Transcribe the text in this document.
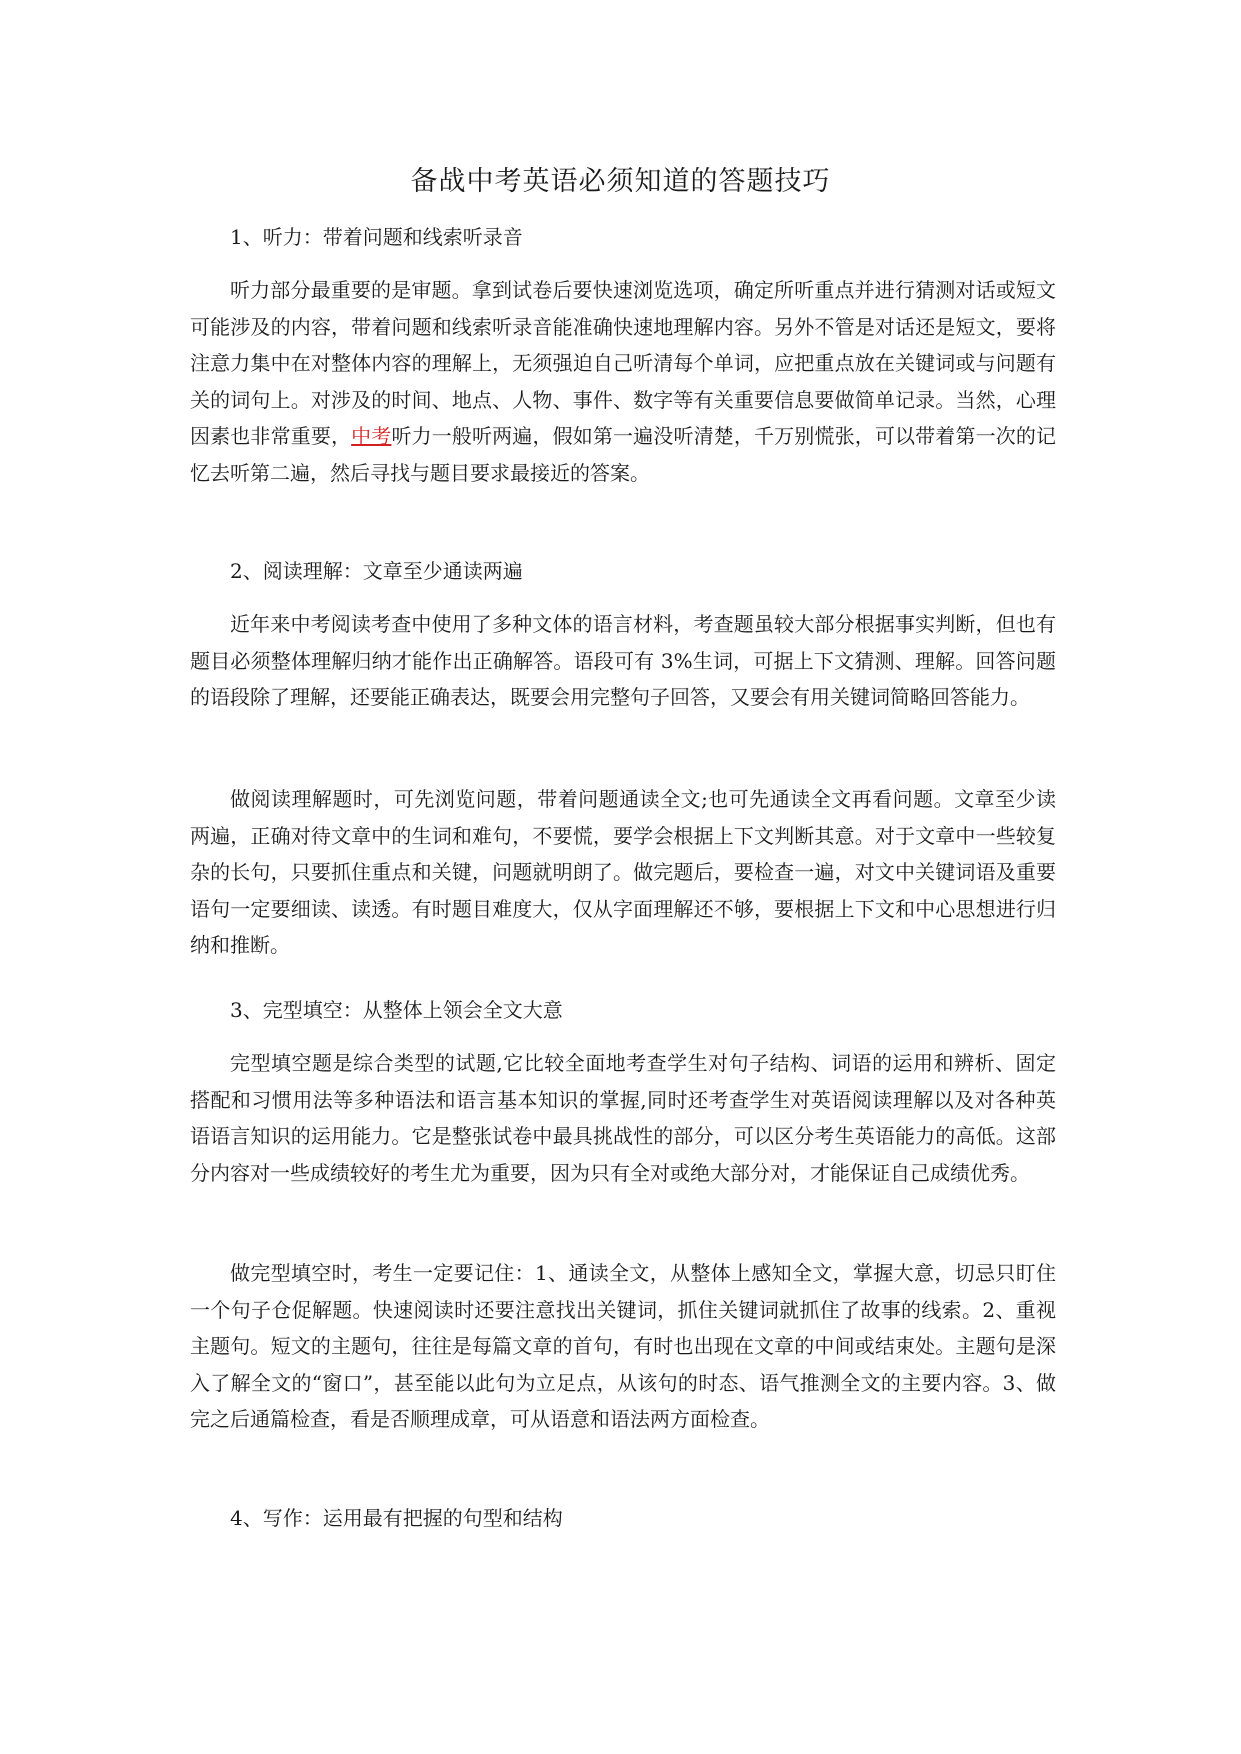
备战中考英语必须知道的答题技巧
1、听力：带着问题和线索听录音
听力部分最重要的是审题。拿到试卷后要快速浏览选项，确定所听重点并进行猜测对话或短文可能涉及的内容，带着问题和线索听录音能准确快速地理解内容。另外不管是对话还是短文，要将注意力集中在对整体内容的理解上，无须强迫自己听清每个单词，应把重点放在关键词或与问题有关的词句上。对涉及的时间、地点、人物、事件、数字等有关重要信息要做简单记录。当然，心理因素也非常重要，中考听力一般听两遍，假如第一遍没听清楚，千万别慌张，可以带着第一次的记忆去听第二遍，然后寻找与题目要求最接近的答案。
2、阅读理解：文章至少通读两遍
近年来中考阅读考查中使用了多种文体的语言材料，考查题虽较大部分根据事实判断，但也有题目必须整体理解归纳才能作出正确解答。语段可有 3%生词，可据上下文猜测、理解。回答问题的语段除了理解，还要能正确表达，既要会用完整句子回答，又要会有用关键词简略回答能力。
做阅读理解题时，可先浏览问题，带着问题通读全文;也可先通读全文再看问题。文章至少读两遍，正确对待文章中的生词和难句，不要慌，要学会根据上下文判断其意。对于文章中一些较复杂的长句，只要抓住重点和关键，问题就明朗了。做完题后，要检查一遍，对文中关键词语及重要语句一定要细读、读透。有时题目难度大，仅从字面理解还不够，要根据上下文和中心思想进行归纳和推断。
3、完型填空：从整体上领会全文大意
完型填空题是综合类型的试题,它比较全面地考查学生对句子结构、词语的运用和辨析、固定搭配和习惯用法等多种语法和语言基本知识的掌握,同时还考查学生对英语阅读理解以及对各种英语语言知识的运用能力。它是整张试卷中最具挑战性的部分，可以区分考生英语能力的高低。这部分内容对一些成绩较好的考生尤为重要，因为只有全对或绝大部分对，才能保证自己成绩优秀。
做完型填空时，考生一定要记住：1、通读全文，从整体上感知全文，掌握大意，切忌只盯住一个句子仓促解题。快速阅读时还要注意找出关键词，抓住关键词就抓住了故事的线索。2、重视主题句。短文的主题句，往往是每篇文章的首句，有时也出现在文章的中间或结束处。主题句是深入了解全文的“窗口”，甚至能以此句为立足点，从该句的时态、语气推测全文的主要内容。3、做完之后通篇检查，看是否顺理成章，可从语意和语法两方面检查。
4、写作：运用最有把握的句型和结构
